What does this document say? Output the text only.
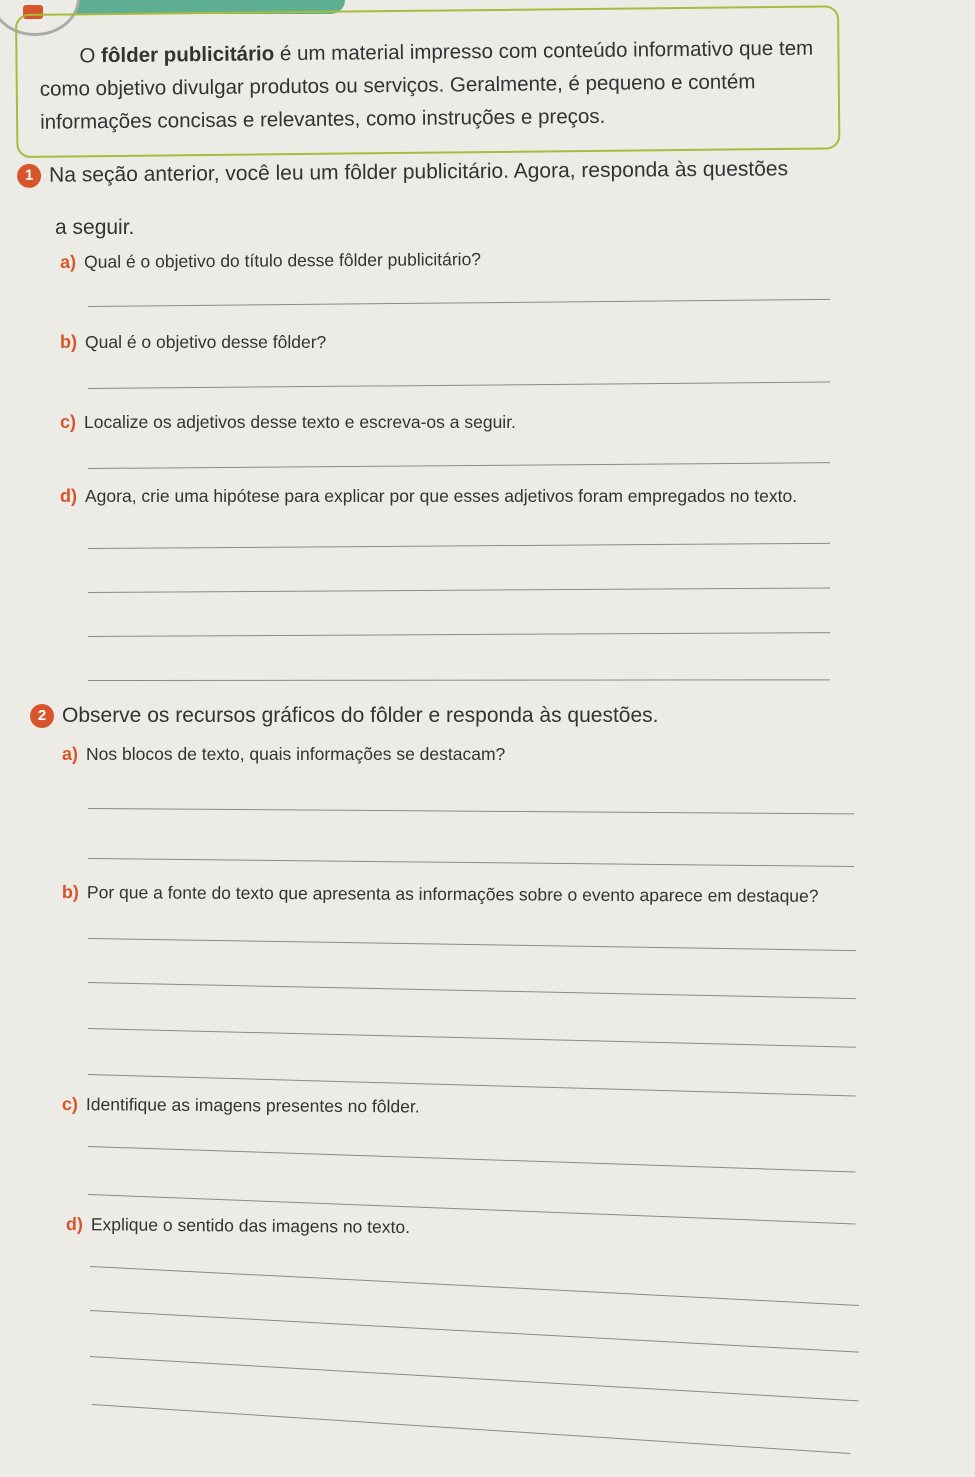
O fôlder publicitário é um material impresso com conteúdo informativo que tem como objetivo divulgar produtos ou serviços. Geralmente, é pequeno e contém informações concisas e relevantes, como instruções e preços.

1 Na seção anterior, você leu um fôlder publicitário. Agora, responda às questões
a seguir.
a) Qual é o objetivo do título desse fôlder publicitário?
b) Qual é o objetivo desse fôlder?
c) Localize os adjetivos desse texto e escreva-os a seguir.
d) Agora, crie uma hipótese para explicar por que esses adjetivos foram empregados no texto.
2 Observe os recursos gráficos do fôlder e responda às questões.
a) Nos blocos de texto, quais informações se destacam?
b) Por que a fonte do texto que apresenta as informações sobre o evento aparece em destaque?
c) Identifique as imagens presentes no fôlder.
d) Explique o sentido das imagens no texto.
